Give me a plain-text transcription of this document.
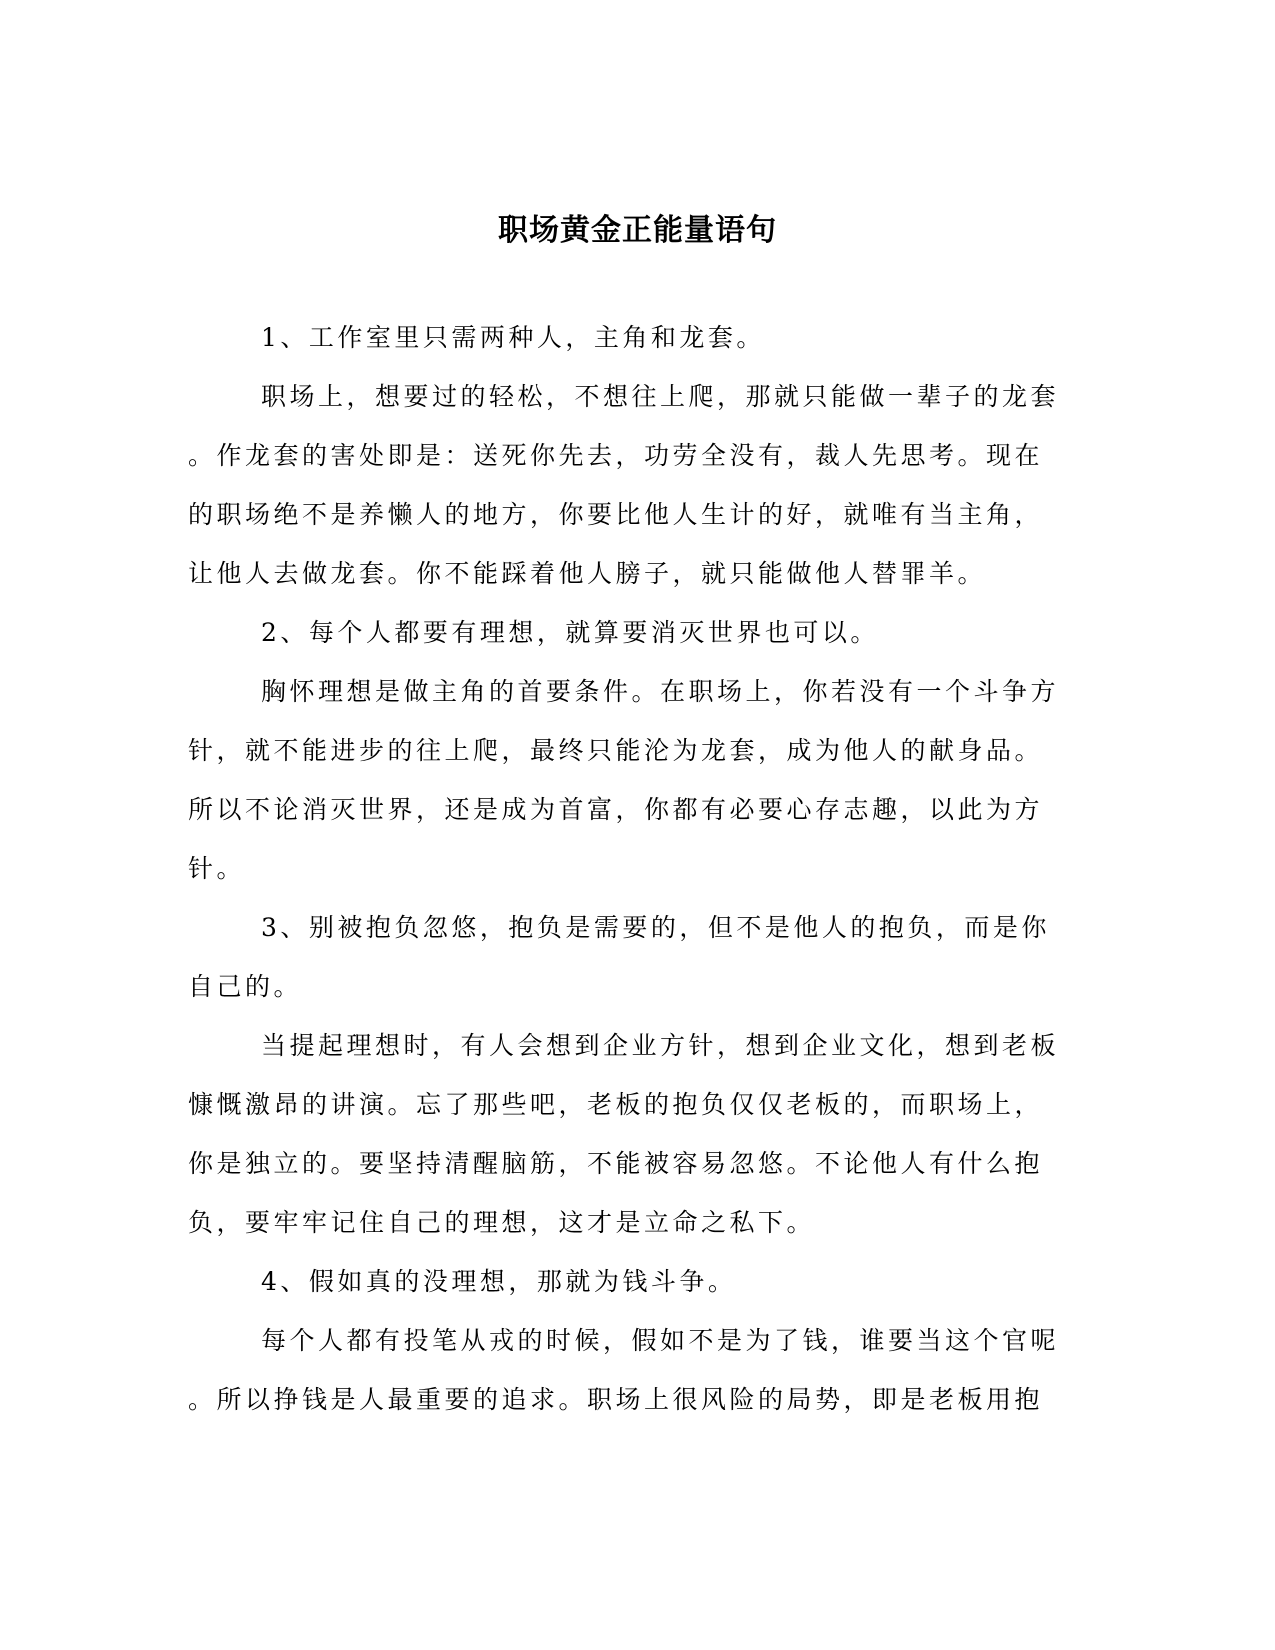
职场黄金正能量语句

1、工作室里只需两种人，主角和龙套。

职场上，想要过的轻松，不想往上爬，那就只能做一辈子的龙套

。作龙套的害处即是：送死你先去，功劳全没有，裁人先思考。现在

的职场绝不是养懒人的地方，你要比他人生计的好，就唯有当主角，

让他人去做龙套。你不能踩着他人膀子，就只能做他人替罪羊。

2、每个人都要有理想，就算要消灭世界也可以。

胸怀理想是做主角的首要条件。在职场上，你若没有一个斗争方

针，就不能进步的往上爬，最终只能沦为龙套，成为他人的献身品。

所以不论消灭世界，还是成为首富，你都有必要心存志趣，以此为方

针。

3、别被抱负忽悠，抱负是需要的，但不是他人的抱负，而是你

自己的。

当提起理想时，有人会想到企业方针，想到企业文化，想到老板

慷慨激昂的讲演。忘了那些吧，老板的抱负仅仅老板的，而职场上，

你是独立的。要坚持清醒脑筋，不能被容易忽悠。不论他人有什么抱

负，要牢牢记住自己的理想，这才是立命之私下。

4、假如真的没理想，那就为钱斗争。

每个人都有投笔从戎的时候，假如不是为了钱，谁要当这个官呢

。所以挣钱是人最重要的追求。职场上很风险的局势，即是老板用抱
